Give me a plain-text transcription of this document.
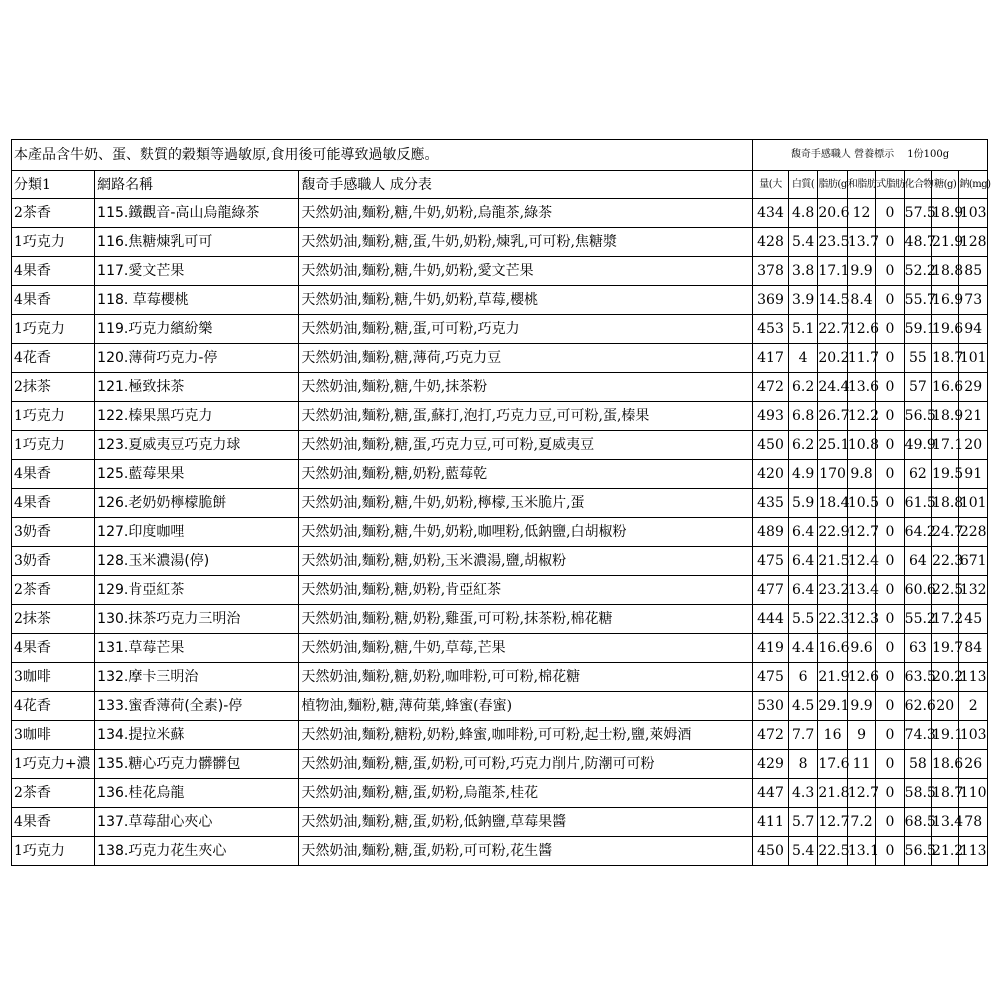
本產品含牛奶、蛋、麩質的穀類等過敏原,食用後可能導致過敏反應。			馥奇手感職人 營養標示　 1份100g							
分類1	網路名稱	馥奇手感職人 成分表	量(大	白質(	脂肪(g	和脂肪	式脂肪	化合物	糖(g)	鈉(mg)
2茶香	115.鐵觀音-高山烏龍綠茶	天然奶油,麵粉,糖,牛奶,奶粉,烏龍茶,綠茶	434	4.8	20.6	12	0	57.5	18.9	103
1巧克力	116.焦糖煉乳可可	天然奶油,麵粉,糖,蛋,牛奶,奶粉,煉乳,可可粉,焦糖漿	428	5.4	23.5	13.7	0	48.7	21.9	128
4果香	117.愛文芒果	天然奶油,麵粉,糖,牛奶,奶粉,愛文芒果	378	3.8	17.1	9.9	0	52.2	18.8	85
4果香	118. 草莓櫻桃	天然奶油,麵粉,糖,牛奶,奶粉,草莓,櫻桃	369	3.9	14.5	8.4	0	55.7	16.9	73
1巧克力	119.巧克力繽紛樂	天然奶油,麵粉,糖,蛋,可可粉,巧克力	453	5.1	22.7	12.6	0	59.1	19.6	94
4花香	120.薄荷巧克力-停	天然奶油,麵粉,糖,薄荷,巧克力豆	417	4	20.2	11.7	0	55	18.7	101
2抹茶	121.極致抹茶	天然奶油,麵粉,糖,牛奶,抹茶粉	472	6.2	24.4	13.6	0	57	16.6	29
1巧克力	122.榛果黑巧克力	天然奶油,麵粉,糖,蛋,蘇打,泡打,巧克力豆,可可粉,蛋,榛果	493	6.8	26.7	12.2	0	56.5	18.9	21
1巧克力	123.夏威夷豆巧克力球	天然奶油,麵粉,糖,蛋,巧克力豆,可可粉,夏威夷豆	450	6.2	25.1	10.8	0	49.9	17.1	20
4果香	125.藍莓果果	天然奶油,麵粉,糖,奶粉,藍莓乾	420	4.9	170	9.8	0	62	19.5	91
4果香	126.老奶奶檸檬脆餅	天然奶油,麵粉,糖,牛奶,奶粉,檸檬,玉米脆片,蛋	435	5.9	18.4	10.5	0	61.5	18.8	101
3奶香	127.印度咖哩	天然奶油,麵粉,糖,牛奶,奶粉,咖哩粉,低鈉鹽,白胡椒粉	489	6.4	22.9	12.7	0	64.2	24.7	228
3奶香	128.玉米濃湯(停)	天然奶油,麵粉,糖,奶粉,玉米濃湯,鹽,胡椒粉	475	6.4	21.5	12.4	0	64	22.3	671
2茶香	129.肯亞紅茶	天然奶油,麵粉,糖,奶粉,肯亞紅茶	477	6.4	23.2	13.4	0	60.6	22.5	132
2抹茶	130.抹茶巧克力三明治	天然奶油,麵粉,糖,奶粉,雞蛋,可可粉,抹茶粉,棉花糖	444	5.5	22.3	12.3	0	55.2	17.2	45
4果香	131.草莓芒果	天然奶油,麵粉,糖,牛奶,草莓,芒果	419	4.4	16.6	9.6	0	63	19.7	84
3咖啡	132.摩卡三明治	天然奶油,麵粉,糖,奶粉,咖啡粉,可可粉,棉花糖	475	6	21.9	12.6	0	63.5	20.2	113
4花香	133.蜜香薄荷(全素)-停	植物油,麵粉,糖,薄荷葉,蜂蜜(春蜜)	530	4.5	29.1	9.9	0	62.6	20	2
3咖啡	134.提拉米蘇	天然奶油,麵粉,糖粉,奶粉,蜂蜜,咖啡粉,可可粉,起士粉,鹽,萊姆酒	472	7.7	16	9	0	74.3	19.1	103
1巧克力+濃	135.糖心巧克力髒髒包	天然奶油,麵粉,糖,蛋,奶粉,可可粉,巧克力削片,防潮可可粉	429	8	17.6	11	0	58	18.6	26
2茶香	136.桂花烏龍	天然奶油,麵粉,糖,蛋,奶粉,烏龍茶,桂花	447	4.3	21.8	12.7	0	58.5	18.7	110
4果香	137.草莓甜心夾心	天然奶油,麵粉,糖,蛋,奶粉,低鈉鹽,草莓果醬	411	5.7	12.7	7.2	0	68.5	13.4	78
1巧克力	138.巧克力花生夾心	天然奶油,麵粉,糖,蛋,奶粉,可可粉,花生醬	450	5.4	22.5	13.1	0	56.5	21.2	113
